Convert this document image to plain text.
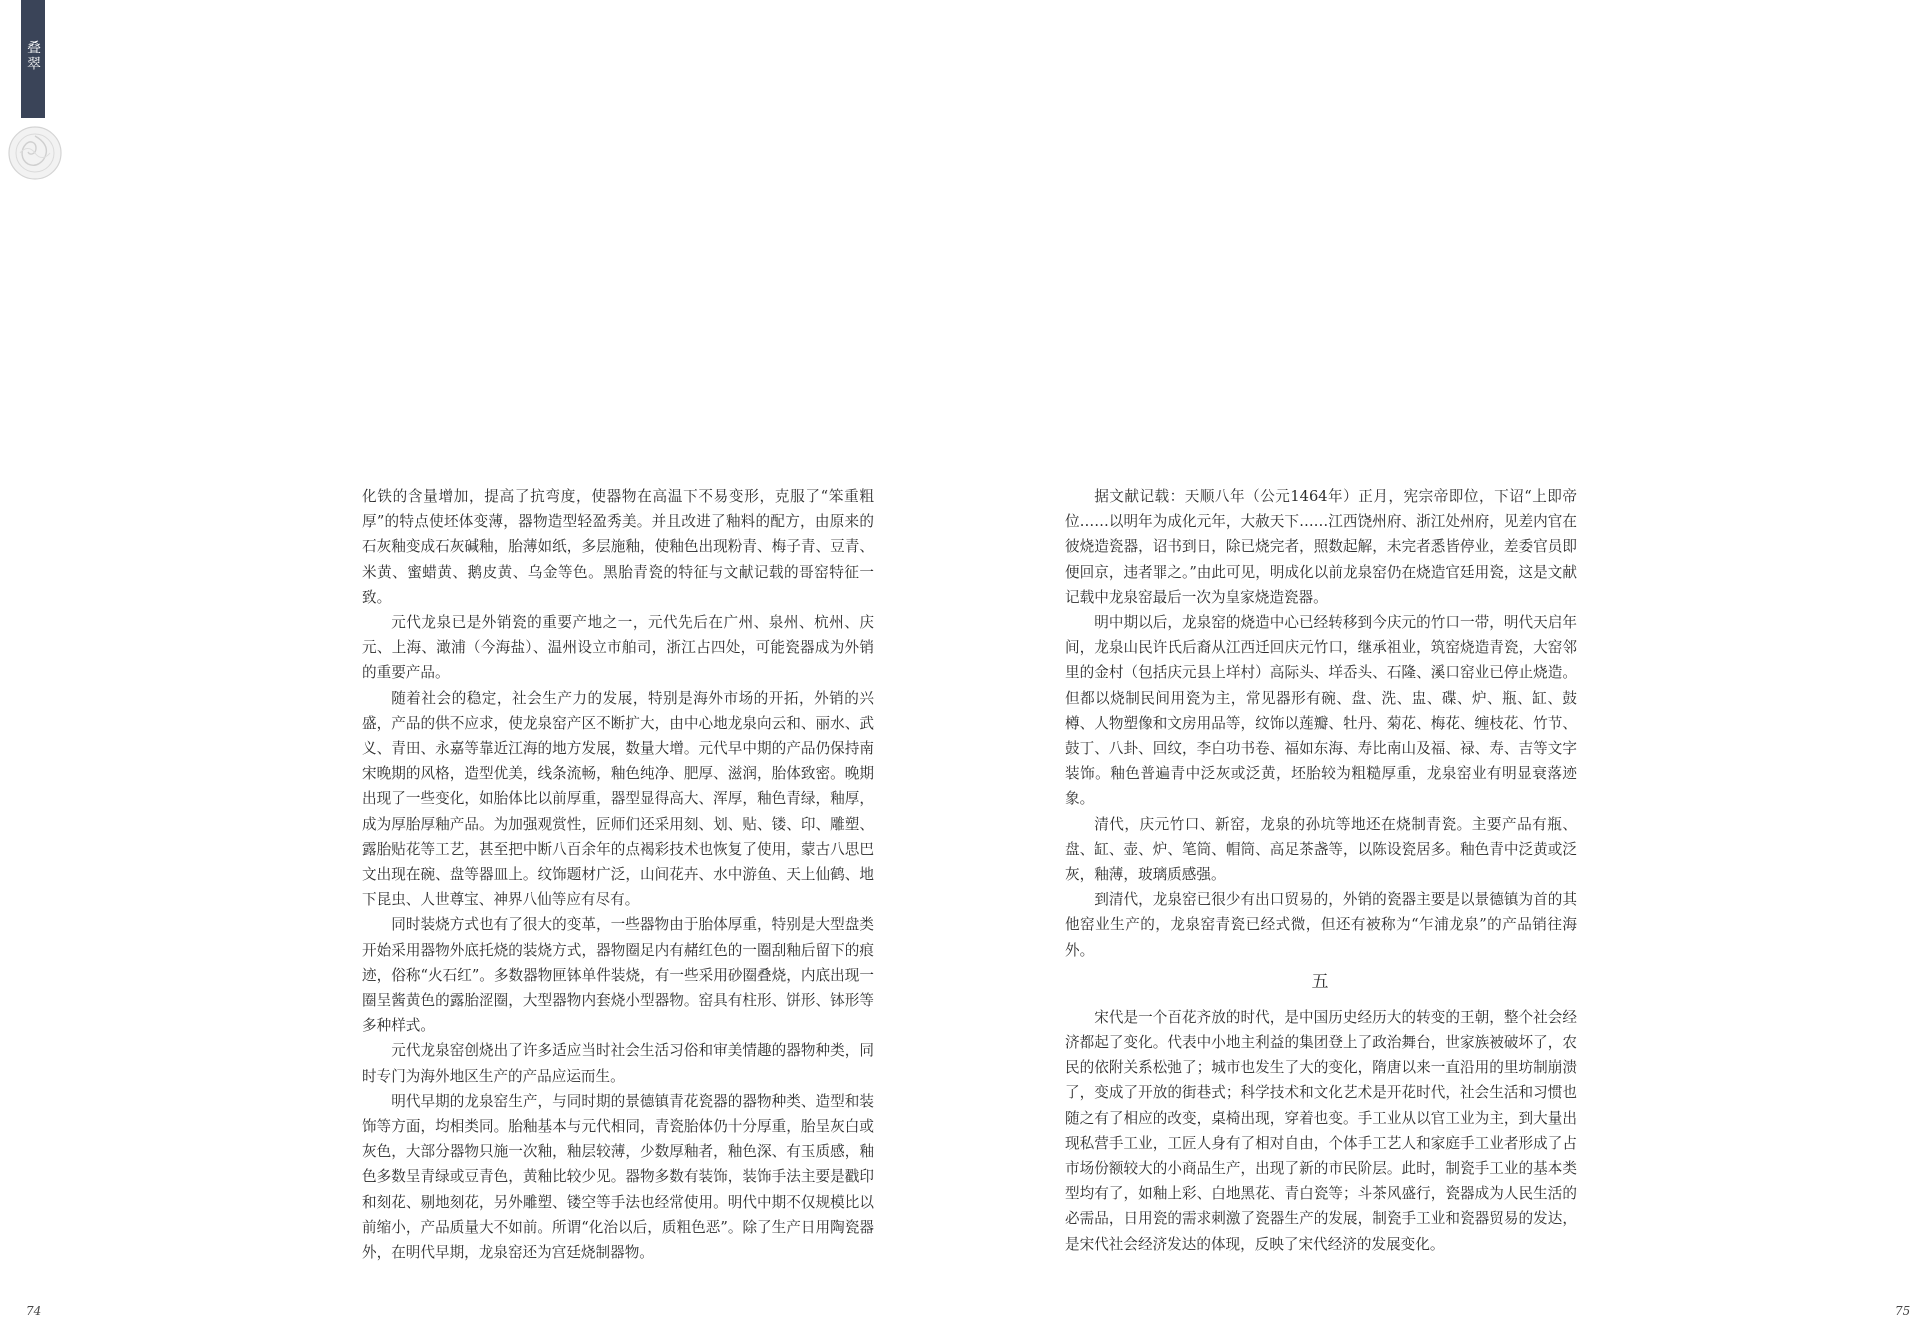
叠翠

化铁的含量增加，提高了抗弯度，使器物在高温下不易变形，克服了“笨重粗厚”的特点使坯体变薄，器物造型轻盈秀美。并且改进了釉料的配方，由原来的石灰釉变成石灰碱釉，胎薄如纸，多层施釉，使釉色出现粉青、梅子青、豆青、米黄、蜜蜡黄、鹅皮黄、乌金等色。黑胎青瓷的特征与文献记载的哥窑特征一致。

元代龙泉已是外销瓷的重要产地之一，元代先后在广州、泉州、杭州、庆元、上海、澉浦（今海盐）、温州设立市舶司，浙江占四处，可能瓷器成为外销的重要产品。

随着社会的稳定，社会生产力的发展，特别是海外市场的开拓，外销的兴盛，产品的供不应求，使龙泉窑产区不断扩大，由中心地龙泉向云和、丽水、武义、青田、永嘉等靠近江海的地方发展，数量大增。元代早中期的产品仍保持南宋晚期的风格，造型优美，线条流畅，釉色纯净、肥厚、滋润，胎体致密。晚期出现了一些变化，如胎体比以前厚重，器型显得高大、浑厚，釉色青绿，釉厚，成为厚胎厚釉产品。为加强观赏性，匠师们还采用刻、划、贴、镂、印、雕塑、露胎贴花等工艺，甚至把中断八百余年的点褐彩技术也恢复了使用，蒙古八思巴文出现在碗、盘等器皿上。纹饰题材广泛，山间花卉、水中游鱼、天上仙鹤、地下昆虫、人世尊宝、神界八仙等应有尽有。

同时装烧方式也有了很大的变革，一些器物由于胎体厚重，特别是大型盘类开始采用器物外底托烧的装烧方式，器物圈足内有赭红色的一圈刮釉后留下的痕迹，俗称“火石红”。多数器物匣钵单件装烧，有一些采用砂圈叠烧，内底出现一圈呈酱黄色的露胎涩圈，大型器物内套烧小型器物。窑具有柱形、饼形、钵形等多种样式。

元代龙泉窑创烧出了许多适应当时社会生活习俗和审美情趣的器物种类，同时专门为海外地区生产的产品应运而生。

明代早期的龙泉窑生产，与同时期的景德镇青花瓷器的器物种类、造型和装饰等方面，均相类同。胎釉基本与元代相同，青瓷胎体仍十分厚重，胎呈灰白或灰色，大部分器物只施一次釉，釉层较薄，少数厚釉者，釉色深、有玉质感，釉色多数呈青绿或豆青色，黄釉比较少见。器物多数有装饰，装饰手法主要是戳印和刻花、剔地刻花，另外雕塑、镂空等手法也经常使用。明代中期不仅规模比以前缩小，产品质量大不如前。所谓“化治以后，质粗色恶”。除了生产日用陶瓷器外，在明代早期，龙泉窑还为宫廷烧制器物。

据文献记载：天顺八年（公元1464年）正月，宪宗帝即位，下诏“上即帝位……以明年为成化元年，大赦天下……江西饶州府、浙江处州府，见差内官在彼烧造瓷器，诏书到日，除已烧完者，照数起解，未完者悉皆停业，差委官员即便回京，违者罪之。”由此可见，明成化以前龙泉窑仍在烧造官廷用瓷，这是文献记载中龙泉窑最后一次为皇家烧造瓷器。

明中期以后，龙泉窑的烧造中心已经转移到今庆元的竹口一带，明代天启年间，龙泉山民许氏后裔从江西迁回庆元竹口，继承祖业，筑窑烧造青瓷，大窑邻里的金村（包括庆元县上垟村）高际头、垟岙头、石隆、溪口窑业已停止烧造。但都以烧制民间用瓷为主，常见器形有碗、盘、洗、盅、碟、炉、瓶、缸、鼓樽、人物塑像和文房用品等，纹饰以莲瓣、牡丹、菊花、梅花、缠枝花、竹节、鼓丁、八卦、回纹，李白功书卷、福如东海、寿比南山及福、禄、寿、吉等文字装饰。釉色普遍青中泛灰或泛黄，坯胎较为粗糙厚重，龙泉窑业有明显衰落迹象。

清代，庆元竹口、新窑，龙泉的孙坑等地还在烧制青瓷。主要产品有瓶、盘、缸、壶、炉、笔筒、帽筒、高足茶盏等，以陈设瓷居多。釉色青中泛黄或泛灰，釉薄，玻璃质感强。

到清代，龙泉窑已很少有出口贸易的，外销的瓷器主要是以景德镇为首的其他窑业生产的，龙泉窑青瓷已经式微，但还有被称为“乍浦龙泉”的产品销往海外。

五

宋代是一个百花齐放的时代，是中国历史经历大的转变的王朝，整个社会经济都起了变化。代表中小地主利益的集团登上了政治舞台，世家族被破坏了，农民的依附关系松弛了；城市也发生了大的变化，隋唐以来一直沿用的里坊制崩溃了，变成了开放的街巷式；科学技术和文化艺术是开花时代，社会生活和习惯也随之有了相应的改变，桌椅出现，穿着也变。手工业从以官工业为主，到大量出现私营手工业，工匠人身有了相对自由，个体手工艺人和家庭手工业者形成了占市场份额较大的小商品生产，出现了新的市民阶层。此时，制瓷手工业的基本类型均有了，如釉上彩、白地黑花、青白瓷等；斗茶风盛行，瓷器成为人民生活的必需品，日用瓷的需求刺激了瓷器生产的发展，制瓷手工业和瓷器贸易的发达，是宋代社会经济发达的体现，反映了宋代经济的发展变化。

74	75
